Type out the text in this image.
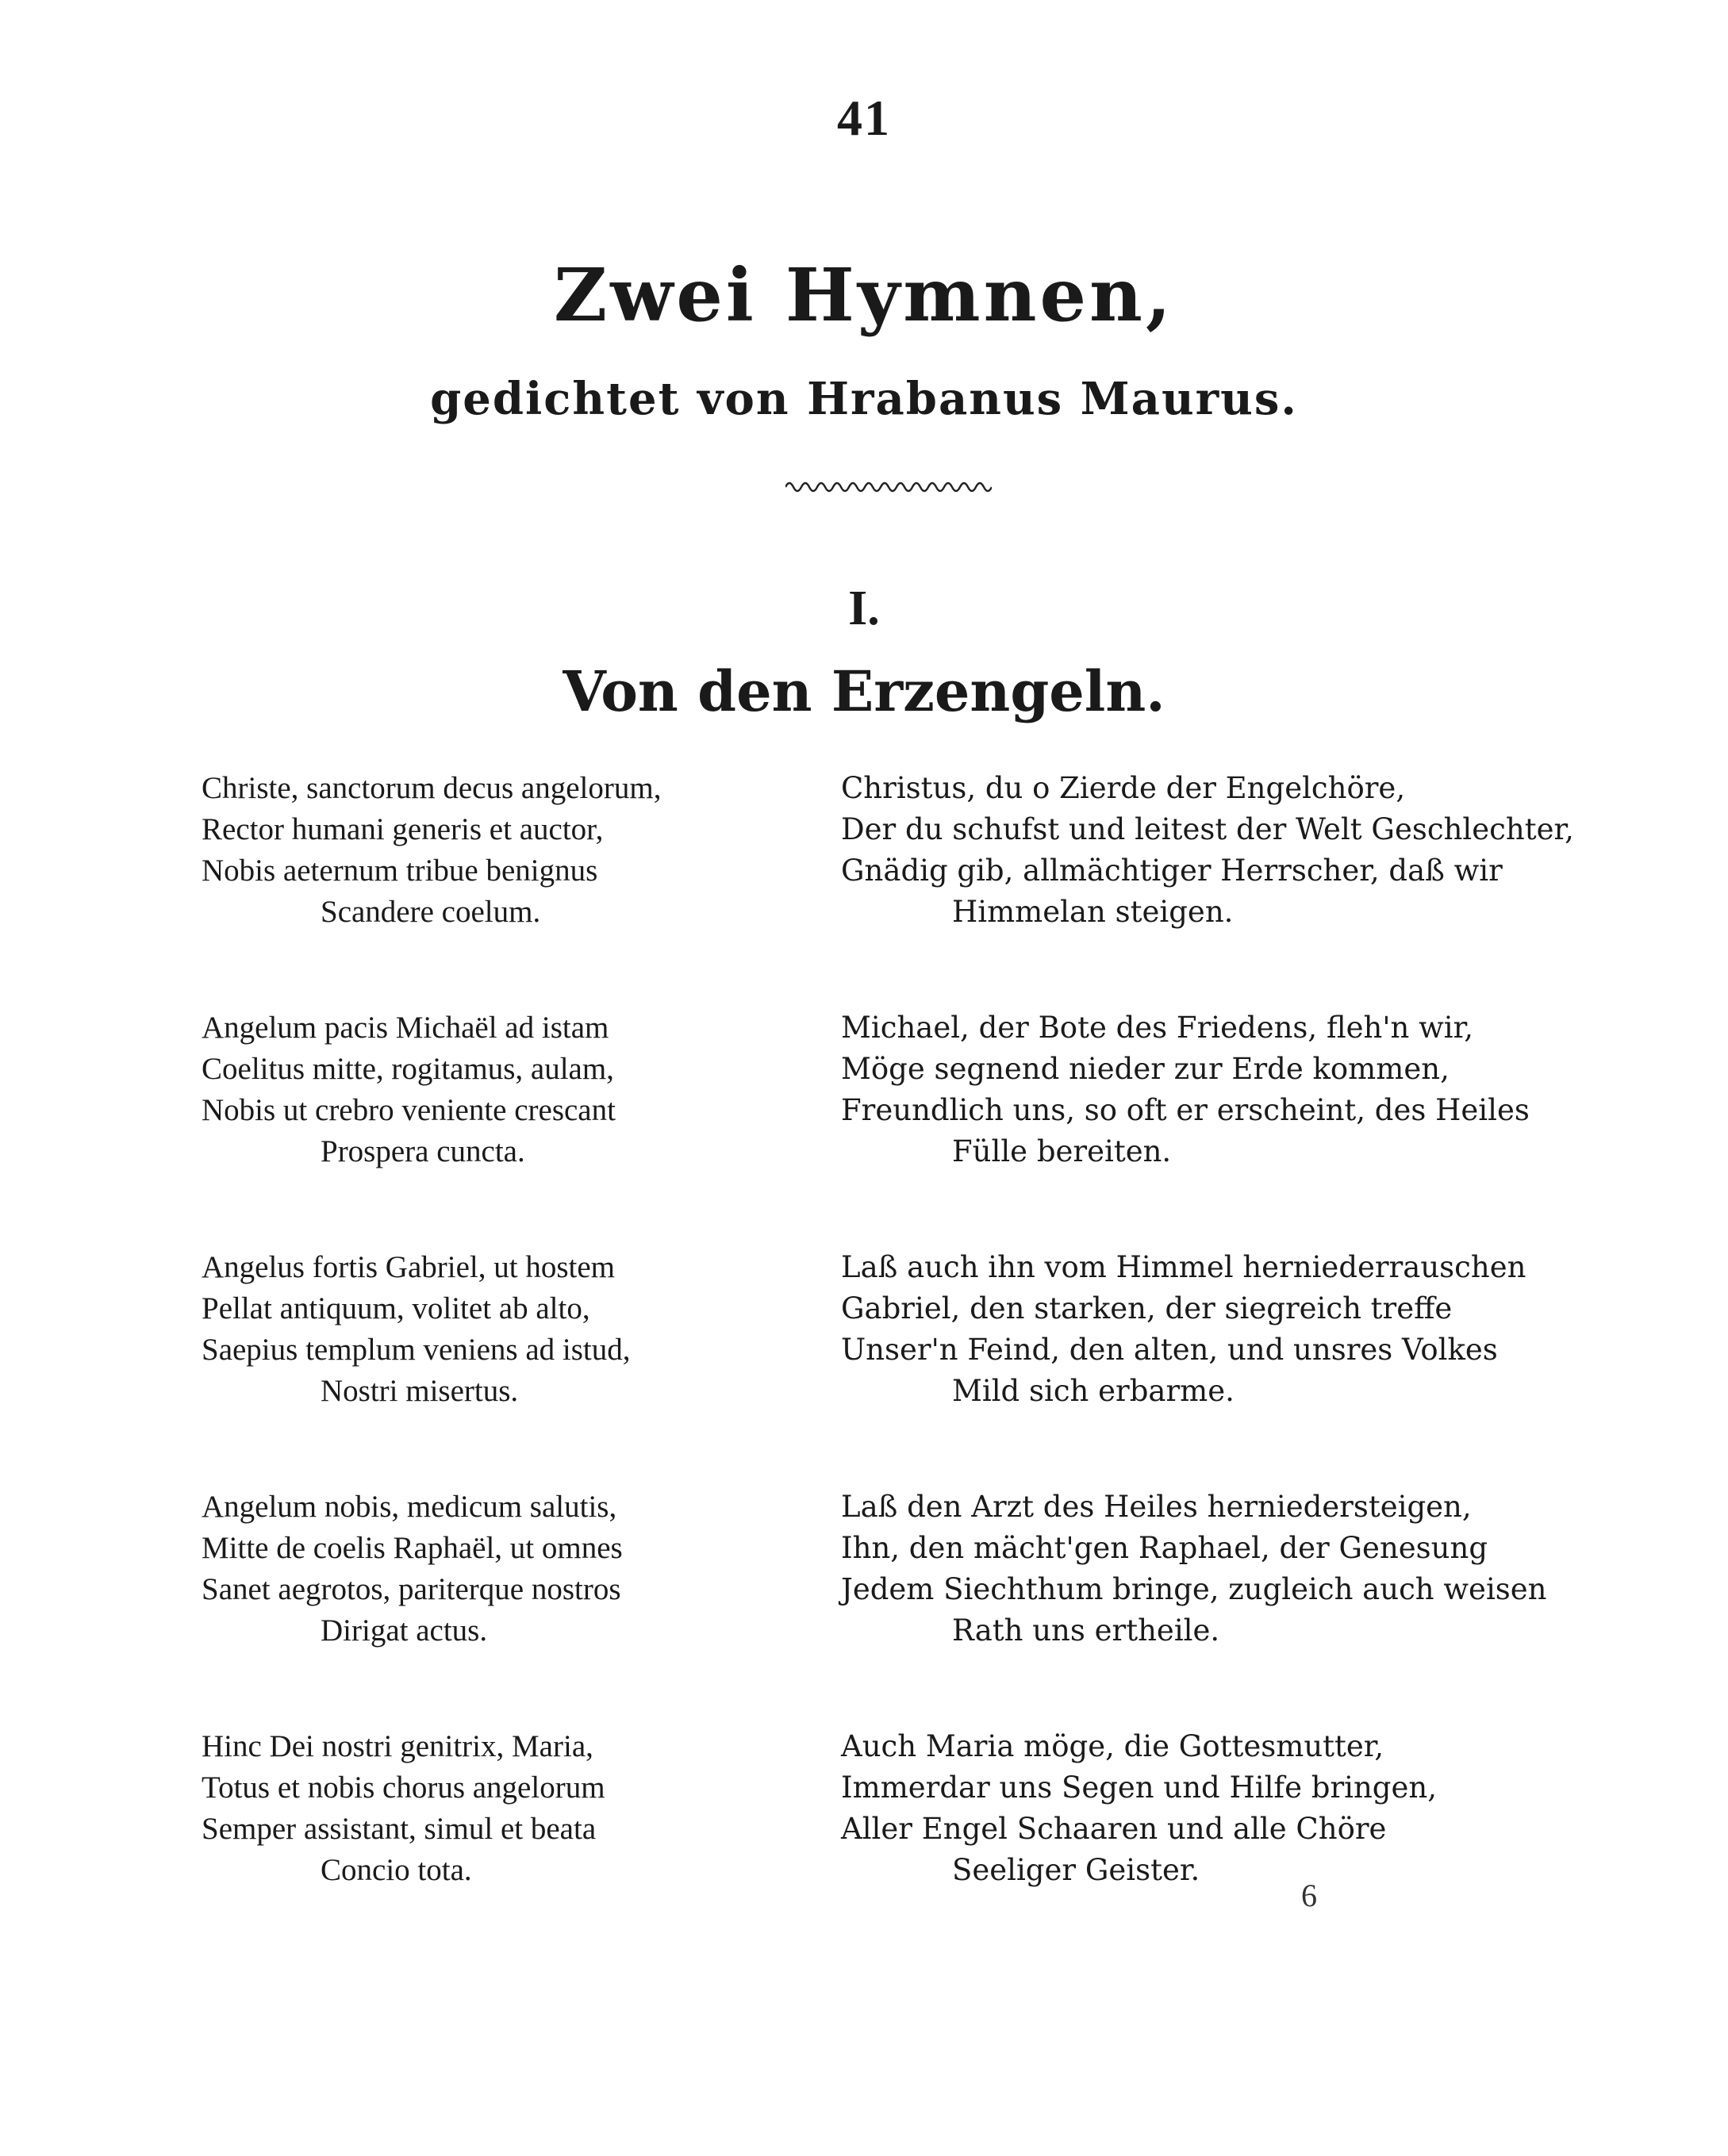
41
Zwei Hymnen,
gedichtet von Hrabanus Maurus.
I.
Von den Erzengeln.
Christe, sanctorum decus angelorum,
Rector humani generis et auctor,
Nobis aeternum tribue benignus
Scandere coelum.
Angelum pacis Michaël ad istam
Coelitus mitte, rogitamus, aulam,
Nobis ut crebro veniente crescant
Prospera cuncta.
Angelus fortis Gabriel, ut hostem
Pellat antiquum, volitet ab alto,
Saepius templum veniens ad istud,
Nostri misertus.
Angelum nobis, medicum salutis,
Mitte de coelis Raphaël, ut omnes
Sanet aegrotos, pariterque nostros
Dirigat actus.
Hinc Dei nostri genitrix, Maria,
Totus et nobis chorus angelorum
Semper assistant, simul et beata
Concio tota.
Christus, du o Zierde der Engelchöre,
Der du schufst und leitest der Welt Geschlechter,
Gnädig gib, allmächtiger Herrscher, daß wir
Himmelan steigen.
Michael, der Bote des Friedens, fleh'n wir,
Möge segnend nieder zur Erde kommen,
Freundlich uns, so oft er erscheint, des Heiles
Fülle bereiten.
Laß auch ihn vom Himmel herniederrauschen
Gabriel, den starken, der siegreich treffe
Unser'n Feind, den alten, und unsres Volkes
Mild sich erbarme.
Laß den Arzt des Heiles herniedersteigen,
Ihn, den mächt'gen Raphael, der Genesung
Jedem Siechthum bringe, zugleich auch weisen
Rath uns ertheile.
Auch Maria möge, die Gottesmutter,
Immerdar uns Segen und Hilfe bringen,
Aller Engel Schaaren und alle Chöre
Seeliger Geister.
6
